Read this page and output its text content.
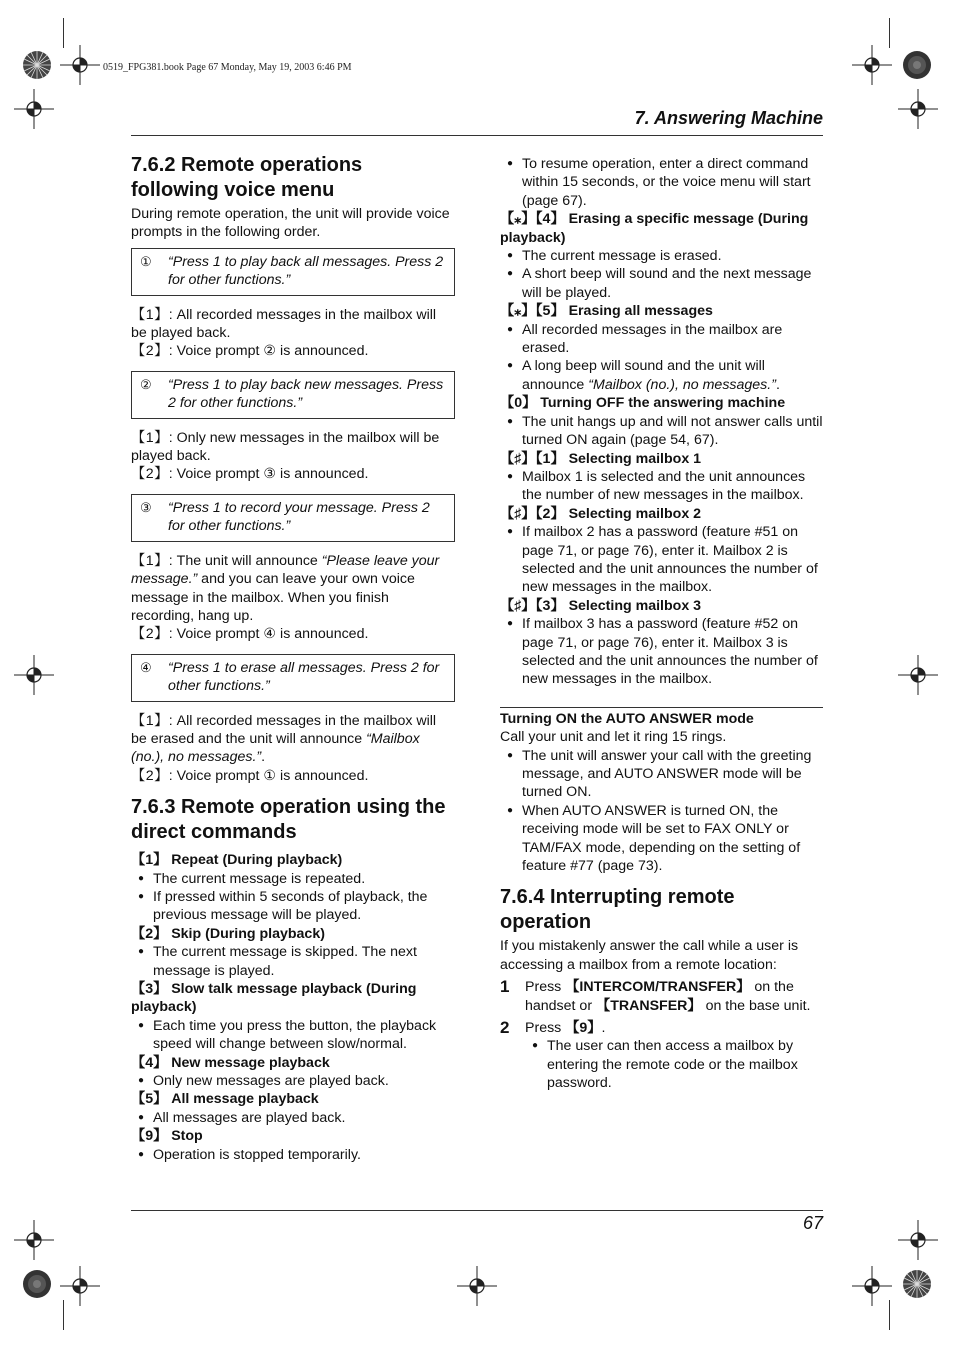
0519_FPG381.book Page 67 Monday, May 19, 2003 6:46 PM
7. Answering Machine
7.6.2 Remote operations following voice menu

During remote operation, the unit will provide voice prompts in the following order.

①	“Press 1 to play back all messages. Press 2 for other functions.”

【1】: All recorded messages in the mailbox will be played back.

【2】: Voice prompt ② is announced.

②	“Press 1 to play back new messages. Press 2 for other functions.”

【1】: Only new messages in the mailbox will be played back.

【2】: Voice prompt ③ is announced.

③	“Press 1 to record your message. Press 2 for other functions.”

【1】: The unit will announce “Please leave your message.” and you can leave your own voice message in the mailbox. When you finish recording, hang up.

【2】: Voice prompt ④ is announced.

④	“Press 1 to erase all messages. Press 2 for other functions.”

【1】: All recorded messages in the mailbox will be erased and the unit will announce “Mailbox (no.), no messages.”.

【2】: Voice prompt ① is announced.

7.6.3 Remote operation using the direct commands

【1】 Repeat (During playback)

●
The current message is repeated.
●
If pressed within 5 seconds of playback, the previous message will be played.

【2】 Skip (During playback)

●
The current message is skipped. The next message is played.

【3】 Slow talk message playback (During playback)

●
Each time you press the button, the playback speed will change between slow/normal.

【4】 New message playback

●
Only new messages are played back.

【5】 All message playback

●
All messages are played back.

【9】 Stop

●
Operation is stopped temporarily.
●
To resume operation, enter a direct command within 15 seconds, or the voice menu will start (page 67).

【⁎】【4】 Erasing a specific message (During playback)

●
The current message is erased.
●
A short beep will sound and the next message will be played.

【⁎】【5】 Erasing all messages

●
All recorded messages in the mailbox are erased.
●
A long beep will sound and the unit will announce “Mailbox (no.), no messages.”.

【0】 Turning OFF the answering machine

●
The unit hangs up and will not answer calls until turned ON again (page 54, 67).

【♯】【1】 Selecting mailbox 1

●
Mailbox 1 is selected and the unit announces the number of new messages in the mailbox.

【♯】【2】 Selecting mailbox 2

●
If mailbox 2 has a password (feature #51 on page 71, or page 76), enter it. Mailbox 2 is selected and the unit announces the number of new messages in the mailbox.

【♯】【3】 Selecting mailbox 3

●
If mailbox 3 has a password (feature #52 on page 71, or page 76), enter it. Mailbox 3 is selected and the unit announces the number of new messages in the mailbox.

Turning ON the AUTO ANSWER mode

Call your unit and let it ring 15 rings.

●
The unit will answer your call with the greeting message, and AUTO ANSWER mode will be turned ON.
●
When AUTO ANSWER is turned ON, the receiving mode will be set to FAX ONLY or TAM/FAX mode, depending on the setting of feature #77 (page 73).
7.6.4 Interrupting remote operation

If you mistakenly answer the call while a user is accessing a mailbox from a remote location:

1	Press 【INTERCOM/TRANSFER】 on the handset or 【TRANSFER】 on the base unit.
2	Press 【9】.
●
The user can then access a mailbox by entering the remote code or the mailbox password.
67
